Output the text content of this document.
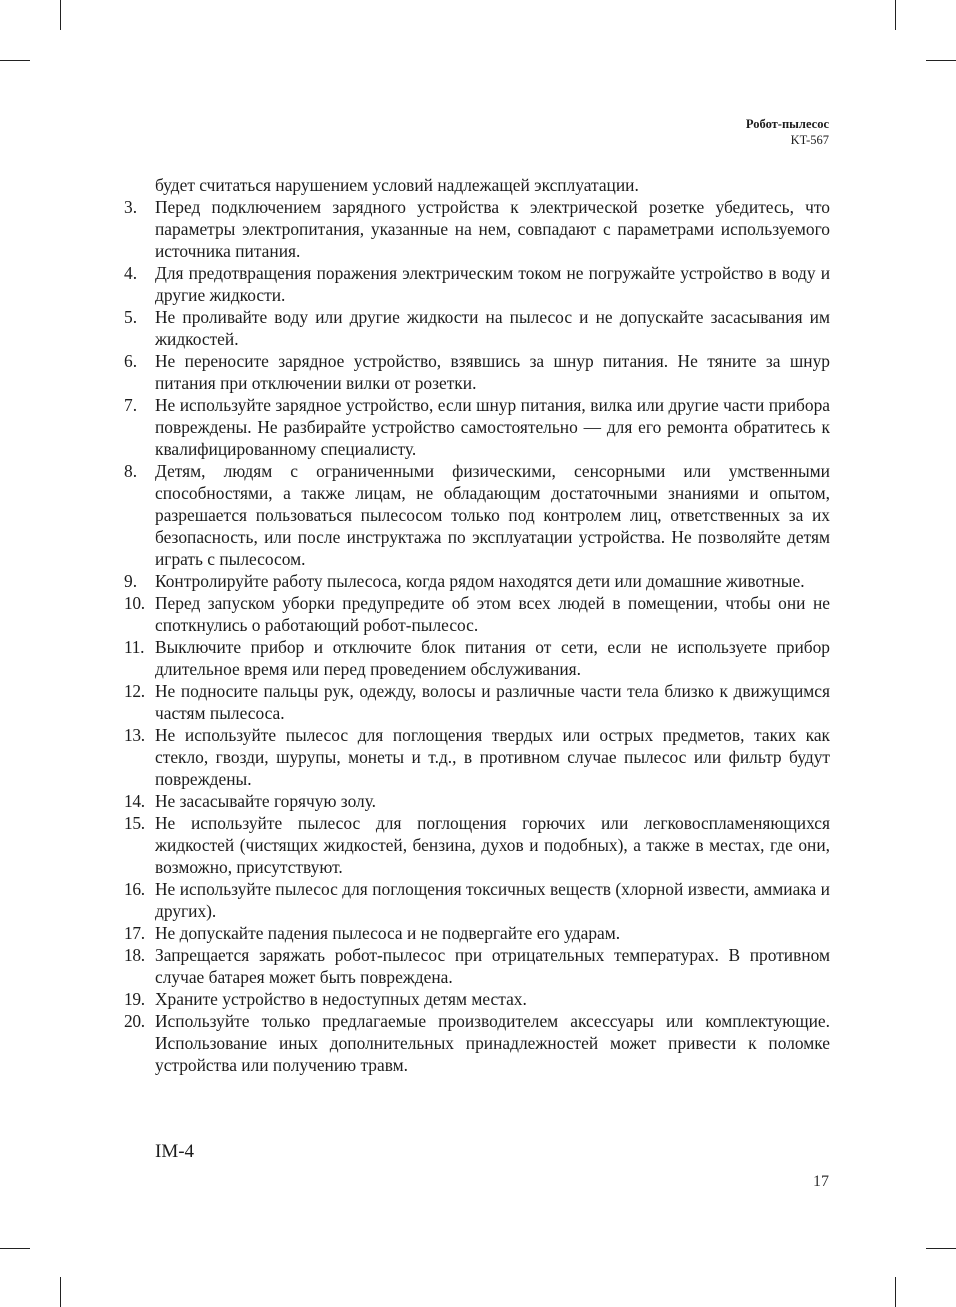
Робот-пылесос
KT-567
будет считаться нарушением условий надлежащей эксплуатации.
3.	Перед подключением зарядного устройства к электрической розетке убедитесь, что параметры электропитания, указанные на нем, совпадают с параметрами используемого источника питания.
4.	Для предотвращения поражения электрическим током не погружайте устройство в воду и другие жидкости.
5.	Не проливайте воду или другие жидкости на пылесос и не допускайте засасывания им жидкостей.
6.	Не переносите зарядное устройство, взявшись за шнур питания. Не тяните за шнур питания при отключении вилки от розетки.
7.	Не используйте зарядное устройство, если шнур питания, вилка или другие части прибора повреждены. Не разбирайте устройство самостоятельно — для его ремонта обратитесь к квалифицированному специалисту.
8.	Детям, людям с ограниченными физическими, сенсорными или умственными способностями, а также лицам, не обладающим достаточными знаниями и опытом, разрешается пользоваться пылесосом только под контролем лиц, ответственных за их безопасность, или после инструктажа по эксплуатации устройства. Не позволяйте детям играть с пылесосом.
9.	Контролируйте работу пылесоса, когда рядом находятся дети или домашние животные.
10. Перед запуском уборки предупредите об этом всех людей в помещении, чтобы они не споткнулись о работающий робот-пылесос.
11. Выключите прибор и отключите блок питания от сети, если не используете прибор длительное время или перед проведением обслуживания.
12. Не подносите пальцы рук, одежду, волосы и различные части тела близко к движущимся частям пылесоса.
13. Не используйте пылесос для поглощения твердых или острых предметов, таких как стекло, гвозди, шурупы, монеты и т.д., в противном случае пылесос или фильтр будут повреждены.
14. Не засасывайте горячую золу.
15. Не используйте пылесос для поглощения горючих или легковоспламеняющихся жидкостей (чистящих жидкостей, бензина, духов и подобных), а также в местах, где они, возможно, присутствуют.
16. Не используйте пылесос для поглощения токсичных веществ (хлорной извести, аммиака и других).
17. Не допускайте падения пылесоса и не подвергайте его ударам.
18. Запрещается заряжать робот-пылесос при отрицательных температурах. В противном случае батарея может быть повреждена.
19. Храните устройство в недоступных детям местах.
20. Используйте только предлагаемые производителем аксессуары или комплектующие. Использование иных дополнительных принадлежностей может привести к поломке устройства или получению травм.
IM-4
17
